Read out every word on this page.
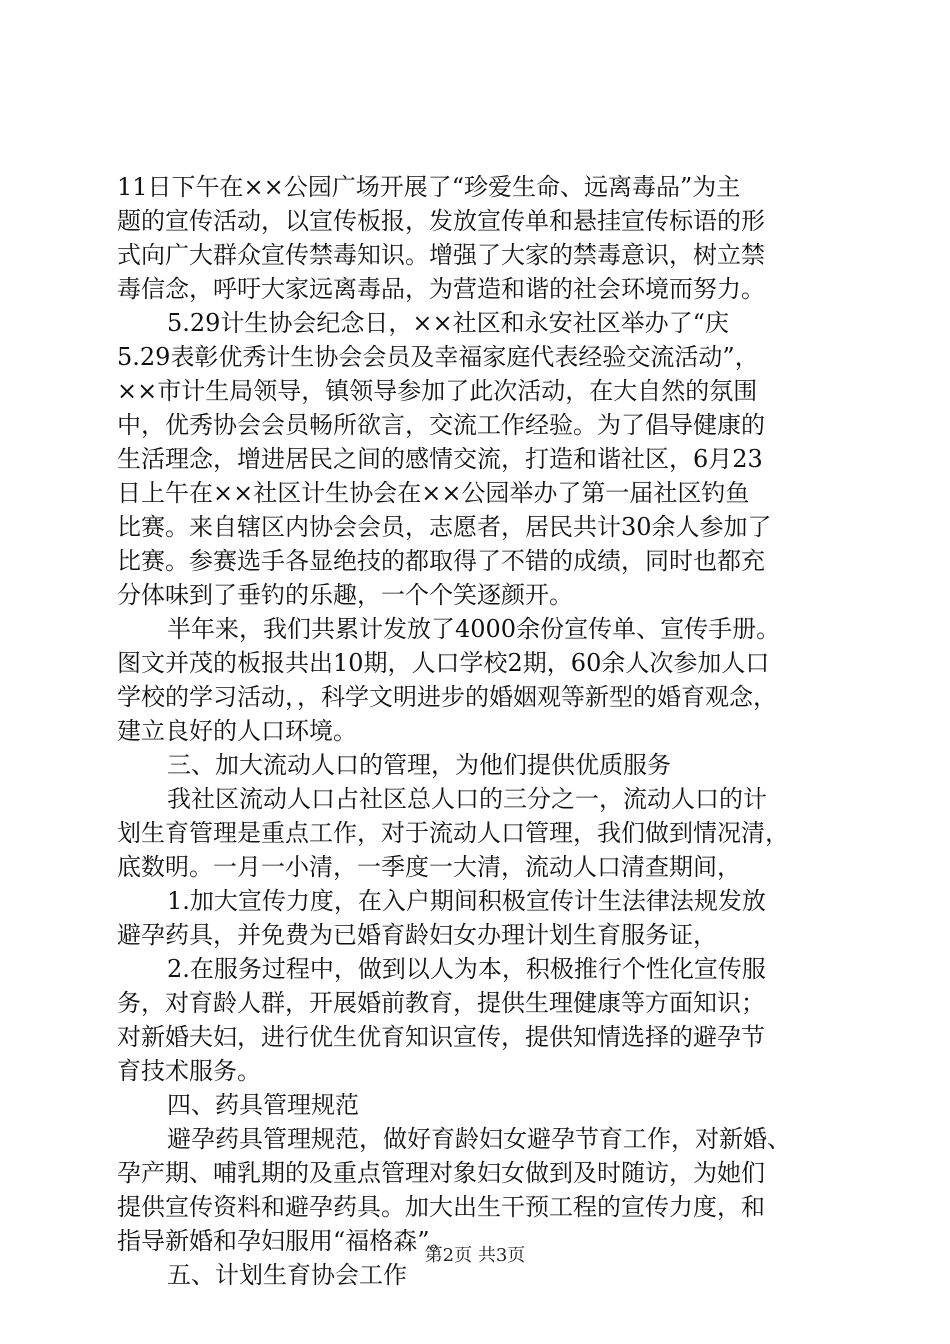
11日下午在××公园广场开展了“珍爱生命、远离毒品”为主
题的宣传活动，以宣传板报，发放宣传单和悬挂宣传标语的形
式向广大群众宣传禁毒知识。增强了大家的禁毒意识，树立禁
毒信念，呼吁大家远离毒品，为营造和谐的社会环境而努力。
5.29计生协会纪念日，××社区和永安社区举办了“庆
5.29表彰优秀计生协会会员及幸福家庭代表经验交流活动”，
××市计生局领导，镇领导参加了此次活动，在大自然的氛围
中，优秀协会会员畅所欲言，交流工作经验。为了倡导健康的
生活理念，增进居民之间的感情交流，打造和谐社区，6月23
日上午在××社区计生协会在××公园举办了第一届社区钓鱼
比赛。来自辖区内协会会员，志愿者，居民共计30余人参加了
比赛。参赛选手各显绝技的都取得了不错的成绩，同时也都充
分体味到了垂钓的乐趣，一个个笑逐颜开。
半年来，我们共累计发放了4000余份宣传单、宣传手册。
图文并茂的板报共出10期，人口学校2期，60余人次参加人口
学校的学习活动，，科学文明进步的婚姻观等新型的婚育观念，
建立良好的人口环境。
三、加大流动人口的管理，为他们提供优质服务
我社区流动人口占社区总人口的三分之一，流动人口的计
划生育管理是重点工作，对于流动人口管理，我们做到情况清，
底数明。一月一小清，一季度一大清，流动人口清查期间，
1.加大宣传力度，在入户期间积极宣传计生法律法规发放
避孕药具，并免费为已婚育龄妇女办理计划生育服务证，
2.在服务过程中，做到以人为本，积极推行个性化宣传服
务，对育龄人群，开展婚前教育，提供生理健康等方面知识；
对新婚夫妇，进行优生优育知识宣传，提供知情选择的避孕节
育技术服务。
四、药具管理规范
避孕药具管理规范，做好育龄妇女避孕节育工作，对新婚、
孕产期、哺乳期的及重点管理对象妇女做到及时随访，为她们
提供宣传资料和避孕药具。加大出生干预工程的宣传力度，和
指导新婚和孕妇服用“福格森”。
五、计划生育协会工作
第2页 共3页
